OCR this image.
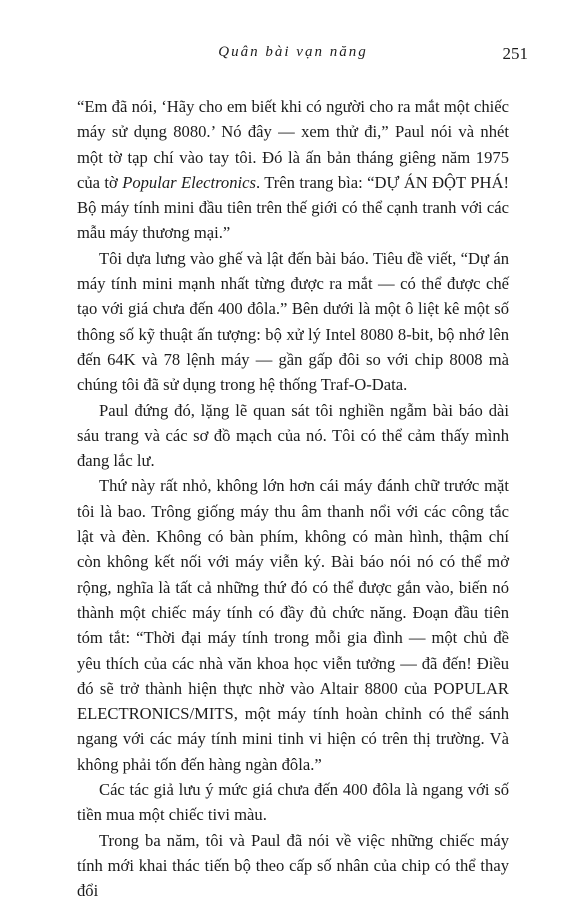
Quân bài vạn năng	251

“Em đã nói, ‘Hãy cho em biết khi có người cho ra mắt một chiếc máy sử dụng 8080.’ Nó đây — xem thử đi,” Paul nói và nhét một tờ tạp chí vào tay tôi. Đó là ấn bản tháng giêng năm 1975 của tờ Popular Electronics. Trên trang bìa: “DỰ ÁN ĐỘT PHÁ! Bộ máy tính mini đầu tiên trên thế giới có thể cạnh tranh với các mẫu máy thương mại.”

Tôi dựa lưng vào ghế và lật đến bài báo. Tiêu đề viết, “Dự án máy tính mini mạnh nhất từng được ra mắt — có thể được chế tạo với giá chưa đến 400 đôla.” Bên dưới là một ô liệt kê một số thông số kỹ thuật ấn tượng: bộ xử lý Intel 8080 8-bit, bộ nhớ lên đến 64K và 78 lệnh máy — gần gấp đôi so với chip 8008 mà chúng tôi đã sử dụng trong hệ thống Traf-O-Data.

Paul đứng đó, lặng lẽ quan sát tôi nghiền ngẫm bài báo dài sáu trang và các sơ đồ mạch của nó. Tôi có thể cảm thấy mình đang lắc lư.

Thứ này rất nhỏ, không lớn hơn cái máy đánh chữ trước mặt tôi là bao. Trông giống máy thu âm thanh nổi với các công tắc lật và đèn. Không có bàn phím, không có màn hình, thậm chí còn không kết nối với máy viễn ký. Bài báo nói nó có thể mở rộng, nghĩa là tất cả những thứ đó có thể được gắn vào, biến nó thành một chiếc máy tính có đầy đủ chức năng. Đoạn đầu tiên tóm tắt: “Thời đại máy tính trong mỗi gia đình — một chủ đề yêu thích của các nhà văn khoa học viễn tưởng — đã đến! Điều đó sẽ trở thành hiện thực nhờ vào Altair 8800 của POPULAR ELECTRONICS/MITS, một máy tính hoàn chỉnh có thể sánh ngang với các máy tính mini tinh vi hiện có trên thị trường. Và không phải tốn đến hàng ngàn đôla.”

Các tác giả lưu ý mức giá chưa đến 400 đôla là ngang với số tiền mua một chiếc tivi màu.

Trong ba năm, tôi và Paul đã nói về việc những chiếc máy tính mới khai thác tiến bộ theo cấp số nhân của chip có thể thay đổi
